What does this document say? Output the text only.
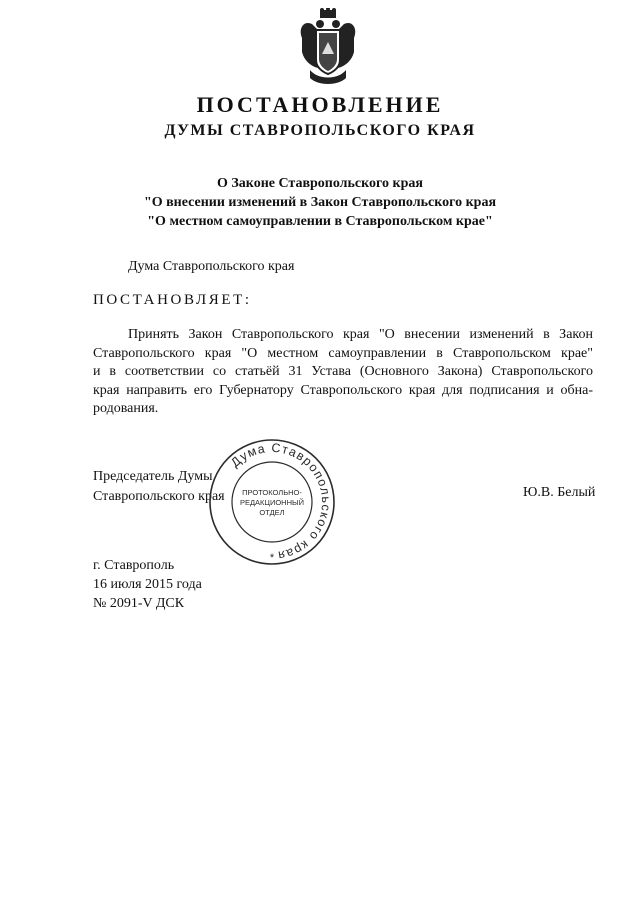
ПОСТАНОВЛЕНИЕ
ДУМЫ СТАВРОПОЛЬСКОГО КРАЯ
О Законе Ставропольского края
"О внесении изменений в Закон Ставропольского края
"О местном самоуправлении в Ставропольском крае"
Дума Ставропольского края
ПОСТАНОВЛЯЕТ:
Принять Закон Ставропольского края "О внесении изменений в Закон
Ставропольского края "О местном самоуправлении в Ставропольском крае"
и в соответствии со статьёй 31 Устава (Основного Закона) Ставропольского
края направить его Губернатору Ставропольского края для подписания и обна-
родования.
Председатель Думы
Ставропольского края
Дума Ставропольского края
ПРОТОКОЛЬНО-
РЕДАКЦИОННЫЙ
ОТДЕЛ
*
Ю.В. Белый
г. Ставрополь
16 июля 2015 года
№ 2091-V ДСК
